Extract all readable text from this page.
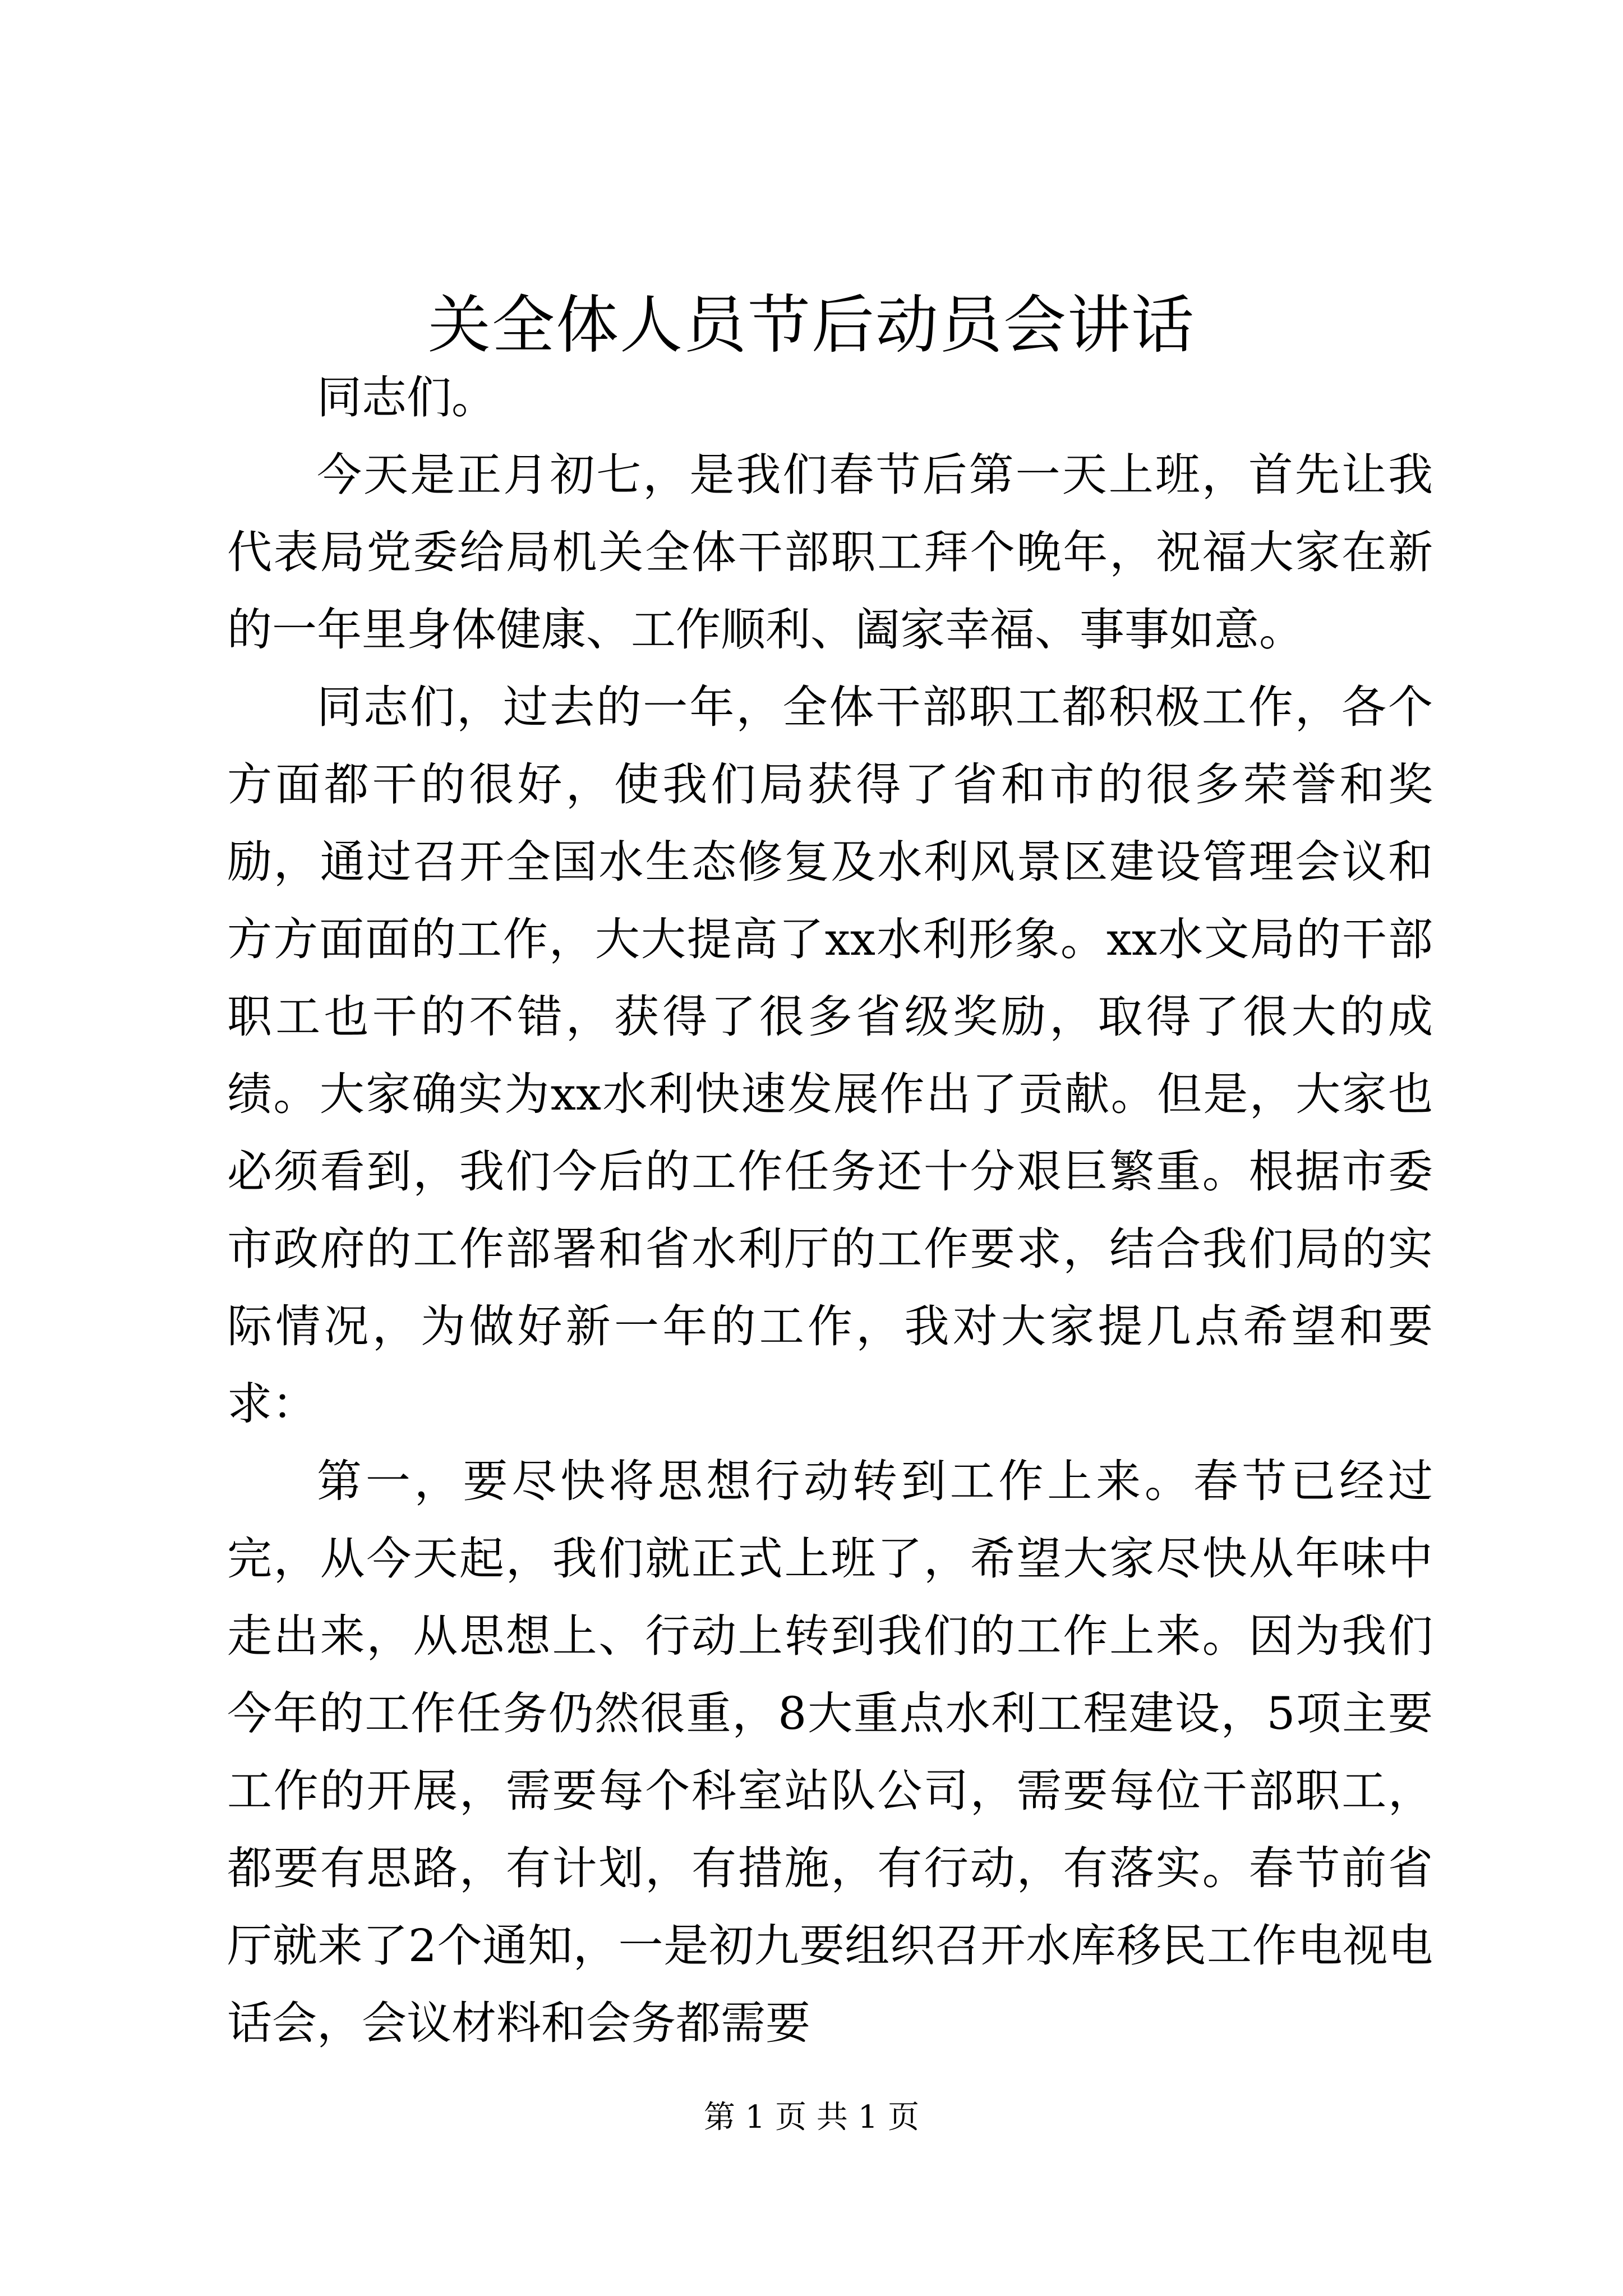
关全体人员节后动员会讲话

同志们。

今天是正月初七，是我们春节后第一天上班，首先让我代表局党委给局机关全体干部职工拜个晚年，祝福大家在新的一年里身体健康、工作顺利、阖家幸福、事事如意。

同志们，过去的一年，全体干部职工都积极工作，各个方面都干的很好，使我们局获得了省和市的很多荣誉和奖励，通过召开全国水生态修复及水利风景区建设管理会议和方方面面的工作，大大提高了xx水利形象。xx水文局的干部职工也干的不错，获得了很多省级奖励，取得了很大的成绩。大家确实为xx水利快速发展作出了贡献。但是，大家也必须看到，我们今后的工作任务还十分艰巨繁重。根据市委市政府的工作部署和省水利厅的工作要求，结合我们局的实际情况，为做好新一年的工作，我对大家提几点希望和要求：

第一，要尽快将思想行动转到工作上来。春节已经过完，从今天起，我们就正式上班了，希望大家尽快从年味中走出来，从思想上、行动上转到我们的工作上来。因为我们今年的工作任务仍然很重，8大重点水利工程建设，5项主要工作的开展，需要每个科室站队公司，需要每位干部职工，都要有思路，有计划，有措施，有行动，有落实。春节前省厅就来了2个通知，一是初九要组织召开水库移民工作电视电话会，会议材料和会务都需要

第 1 页 共 1 页
